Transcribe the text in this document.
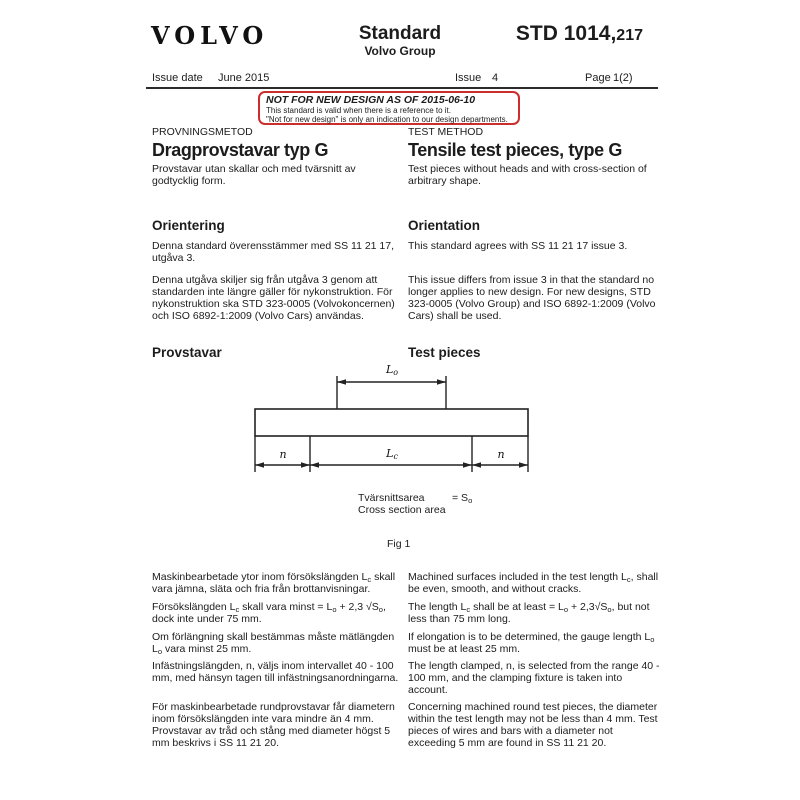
VOLVO	Standard
Volvo Group
STD 1014,217
Issue date June 2015	Issue 4	Page 1(2)
NOT FOR NEW DESIGN AS OF 2015-06-10
This standard is valid when there is a reference to it.
"Not for new design" is only an indication to our design departments.
PROVNINGSMETOD
Dragprovstavar typ G
Provstavar utan skallar och med tvärsnitt av godtycklig form.
TEST METHOD
Tensile test pieces, type G
Test pieces without heads and with cross-section of arbitrary shape.
Orientering
Denna standard överensstämmer med SS 11 21 17, utgåva 3.
Denna utgåva skiljer sig från utgåva 3 genom att standarden inte längre gäller för nykonstruktion. För nykonstruktion ska STD 323-0005 (Volvokoncernen) och ISO 6892-1:2009 (Volvo Cars) användas.
Orientation
This standard agrees with SS 11 21 17 issue 3.
This issue differs from issue 3 in that the standard no longer applies to new design. For new designs, STD 323-0005 (Volvo Group) and ISO 6892-1:2009 (Volvo Cars) shall be used.
Provstavar	Test pieces
$L_o$
n	$L_c$	n
Tvärsnittsarea
Cross section area
= $S_o$
Fig 1
Maskinbearbetade ytor inom försökslängden $L_c$ skall vara jämna, släta och fria från brottanvisningar.
Försökslängden $L_c$ skall vara minst = $L_o + 2,3$ $√S_o$, dock inte under 75 mm.
Om förlängning skall bestämmas måste mätlängden $L_o$ vara minst 25 mm.
Infästningslängden, n, väljs inom intervallet 40 - 100 mm, med hänsyn tagen till infästningsanordningarna.
För maskinbearbetade rundprovstavar får diametern inom försökslängden inte vara mindre än 4 mm. Provstavar av tråd och stång med diameter högst 5 mm beskrivs i SS 11 21 20.
Machined surfaces included in the test length $L_c$, shall be even, smooth, and without cracks.
The length $L_c$ shall be at least = $L_o + 2,3√S_o$, but not less than 75 mm long.
If elongation is to be determined, the gauge length $L_o$ must be at least 25 mm.
The length clamped, n, is selected from the range 40 - 100 mm, and the clamping fixture is taken into account.
Concerning machined round test pieces, the diameter within the test length may not be less than 4 mm. Test pieces of wires and bars with a diameter not exceeding 5 mm are found in SS 11 21 20.
